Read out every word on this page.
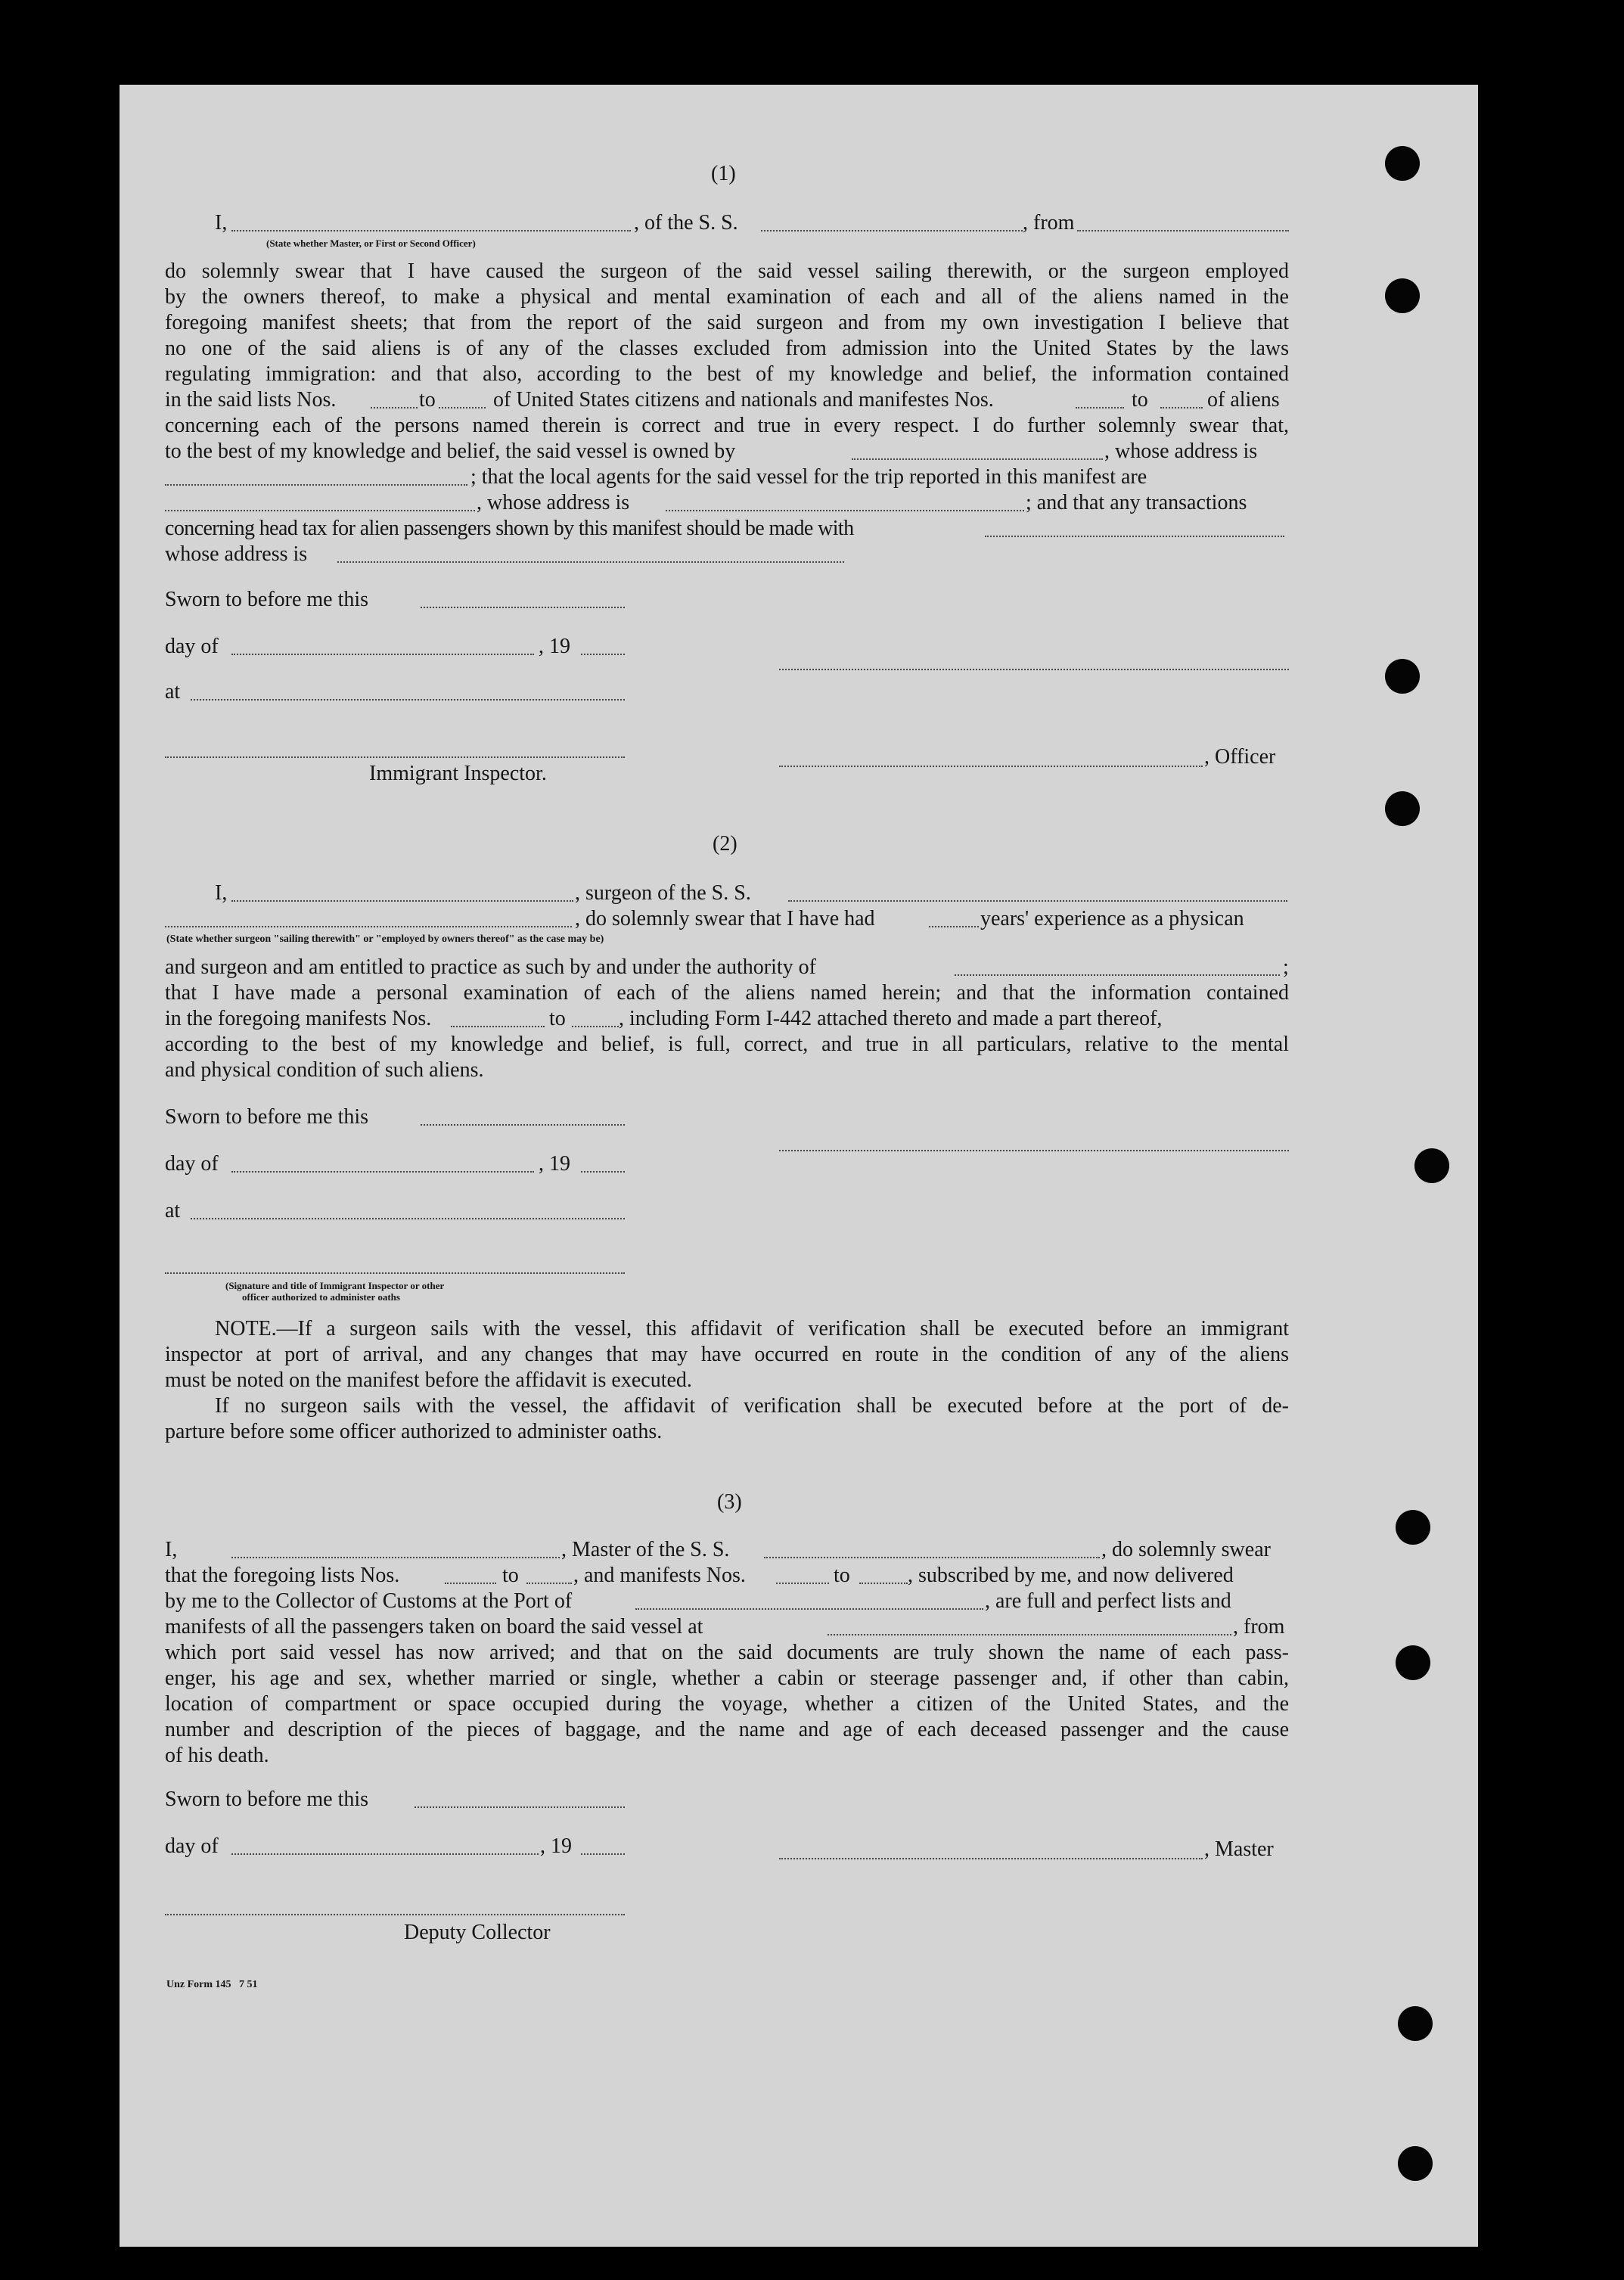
(1)
I,	, of the S. S.	, from
(State whether Master, or First or Second Officer)
do solemnly swear that I have caused the surgeon of the said vessel sailing therewith, or the surgeon employed
by the owners thereof, to make a physical and mental examination of each and all of the aliens named in the
foregoing manifest sheets; that from the report of the said surgeon and from my own investigation I believe that
no one of the said aliens is of any of the classes excluded from admission into the United States by the laws
regulating immigration: and that also, according to the best of my knowledge and belief, the information contained
in the said lists Nos.	to	of United States citizens and nationals and manifestes Nos.	to	of aliens
concerning each of the persons named therein is correct and true in every respect. I do further solemnly swear that,
to the best of my knowledge and belief, the said vessel is owned by	, whose address is
; that the local agents for the said vessel for the trip reported in this manifest are
, whose address is	; and that any transactions
concerning head tax for alien passengers shown by this manifest should be made with
whose address is
Sworn to before me this
day of	, 19
at
, Officer
Immigrant Inspector.
(2)
I,	, surgeon of the S. S.
, do solemnly swear that I have had	years' experience as a physican
(State whether surgeon "sailing therewith" or "employed by owners thereof" as the case may be)
and surgeon and am entitled to practice as such by and under the authority of	;
that I have made a personal examination of each of the aliens named herein; and that the information contained
in the foregoing manifests Nos.	to	, including Form I-442 attached thereto and made a part thereof,
according to the best of my knowledge and belief, is full, correct, and true in all particulars, relative to the mental
and physical condition of such aliens.
Sworn to before me this
day of	, 19
at
(Signature and title of Immigrant Inspector or other
officer authorized to administer oaths
NOTE.—If a surgeon sails with the vessel, this affidavit of verification shall be executed before an immigrant
inspector at port of arrival, and any changes that may have occurred en route in the condition of any of the aliens
must be noted on the manifest before the affidavit is executed.
If no surgeon sails with the vessel, the affidavit of verification shall be executed before at the port of de-
parture before some officer authorized to administer oaths.
(3)
I,	, Master of the S. S.	, do solemnly swear
that the foregoing lists Nos.	to	, and manifests Nos.	to	, subscribed by me, and now delivered
by me to the Collector of Customs at the Port of	, are full and perfect lists and
manifests of all the passengers taken on board the said vessel at	, from
which port said vessel has now arrived; and that on the said documents are truly shown the name of each pass-
enger, his age and sex, whether married or single, whether a cabin or steerage passenger and, if other than cabin,
location of compartment or space occupied during the voyage, whether a citizen of the United States, and the
number and description of the pieces of baggage, and the name and age of each deceased passenger and the cause
of his death.
Sworn to before me this
day of	, 19	, Master
Deputy Collector
Unz Form 145   7 51
